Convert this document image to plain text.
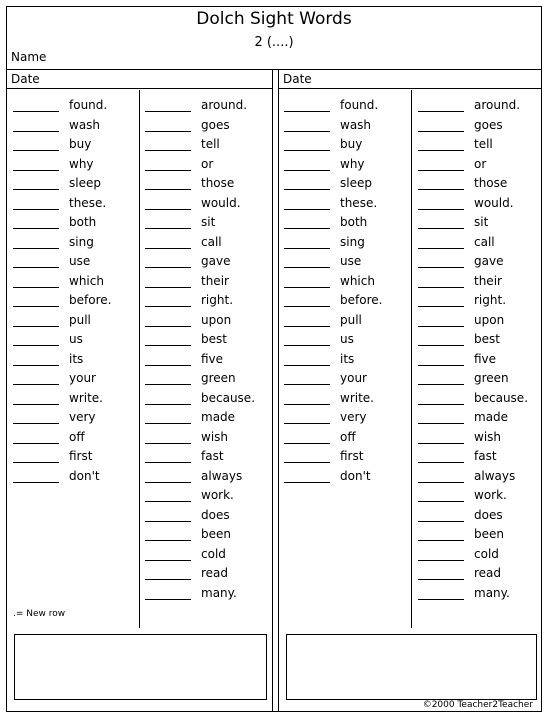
Dolch Sight Words
2 (....)
Name
Date
found.
wash
buy
why
sleep
these.
both
sing
use
which
before.
pull
us
its
your
write.
very
off
first
don't
around.
goes
tell
or
those
would.
sit
call
gave
their
right.
upon
best
five
green
because.
made
wish
fast
always
work.
does
been
cold
read
many.
.= New row
Date
found.
wash
buy
why
sleep
these.
both
sing
use
which
before.
pull
us
its
your
write.
very
off
first
don't
around.
goes
tell
or
those
would.
sit
call
gave
their
right.
upon
best
five
green
because.
made
wish
fast
always
work.
does
been
cold
read
many.
©2000 Teacher2Teacher
